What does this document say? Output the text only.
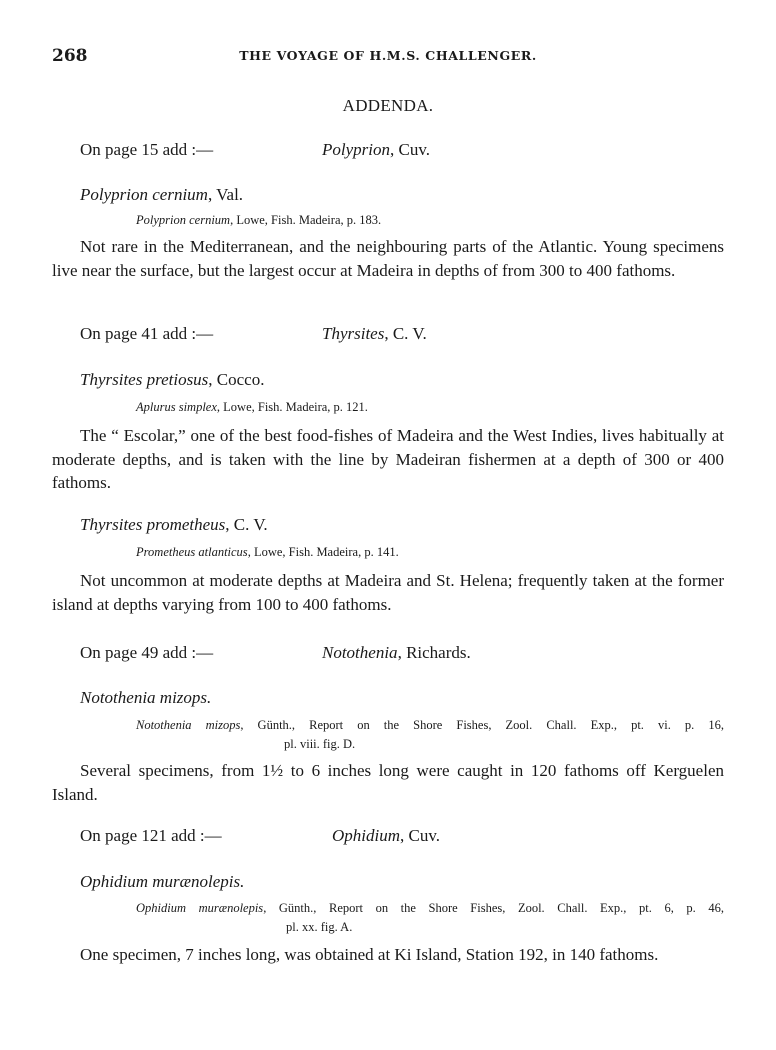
268	THE VOYAGE OF H.M.S. CHALLENGER.
ADDENDA.
On page 15 add :—	Polyprion, Cuv.
Polyprion cernium, Val.
Polyprion cernium, Lowe, Fish. Madeira, p. 183.

Not rare in the Mediterranean, and the neighbouring parts of the Atlantic. Young specimens live near the surface, but the largest occur at Madeira in depths of from 300 to 400 fathoms.

On page 41 add :—	Thyrsites, C. V.
Thyrsites pretiosus, Cocco.
Aplurus simplex, Lowe, Fish. Madeira, p. 121.

The “ Escolar,” one of the best food-fishes of Madeira and the West Indies, lives habitually at moderate depths, and is taken with the line by Madeiran fishermen at a depth of 300 or 400 fathoms.

Thyrsites prometheus, C. V.
Prometheus atlanticus, Lowe, Fish. Madeira, p. 141.

Not uncommon at moderate depths at Madeira and St. Helena; frequently taken at the former island at depths varying from 100 to 400 fathoms.

On page 49 add :—	Notothenia, Richards.
Notothenia mizops.
Notothenia mizops, Günth., Report on the Shore Fishes, Zool. Chall. Exp., pt. vi. p. 16,
pl. viii. fig. D.

Several specimens, from 1½ to 6 inches long were caught in 120 fathoms off Kerguelen Island.

On page 121 add :—	Ophidium, Cuv.
Ophidium murænolepis.
Ophidium murænolepis, Günth., Report on the Shore Fishes, Zool. Chall. Exp., pt. 6, p. 46,
pl. xx. fig. A.

One specimen, 7 inches long, was obtained at Ki Island, Station 192, in 140 fathoms.
